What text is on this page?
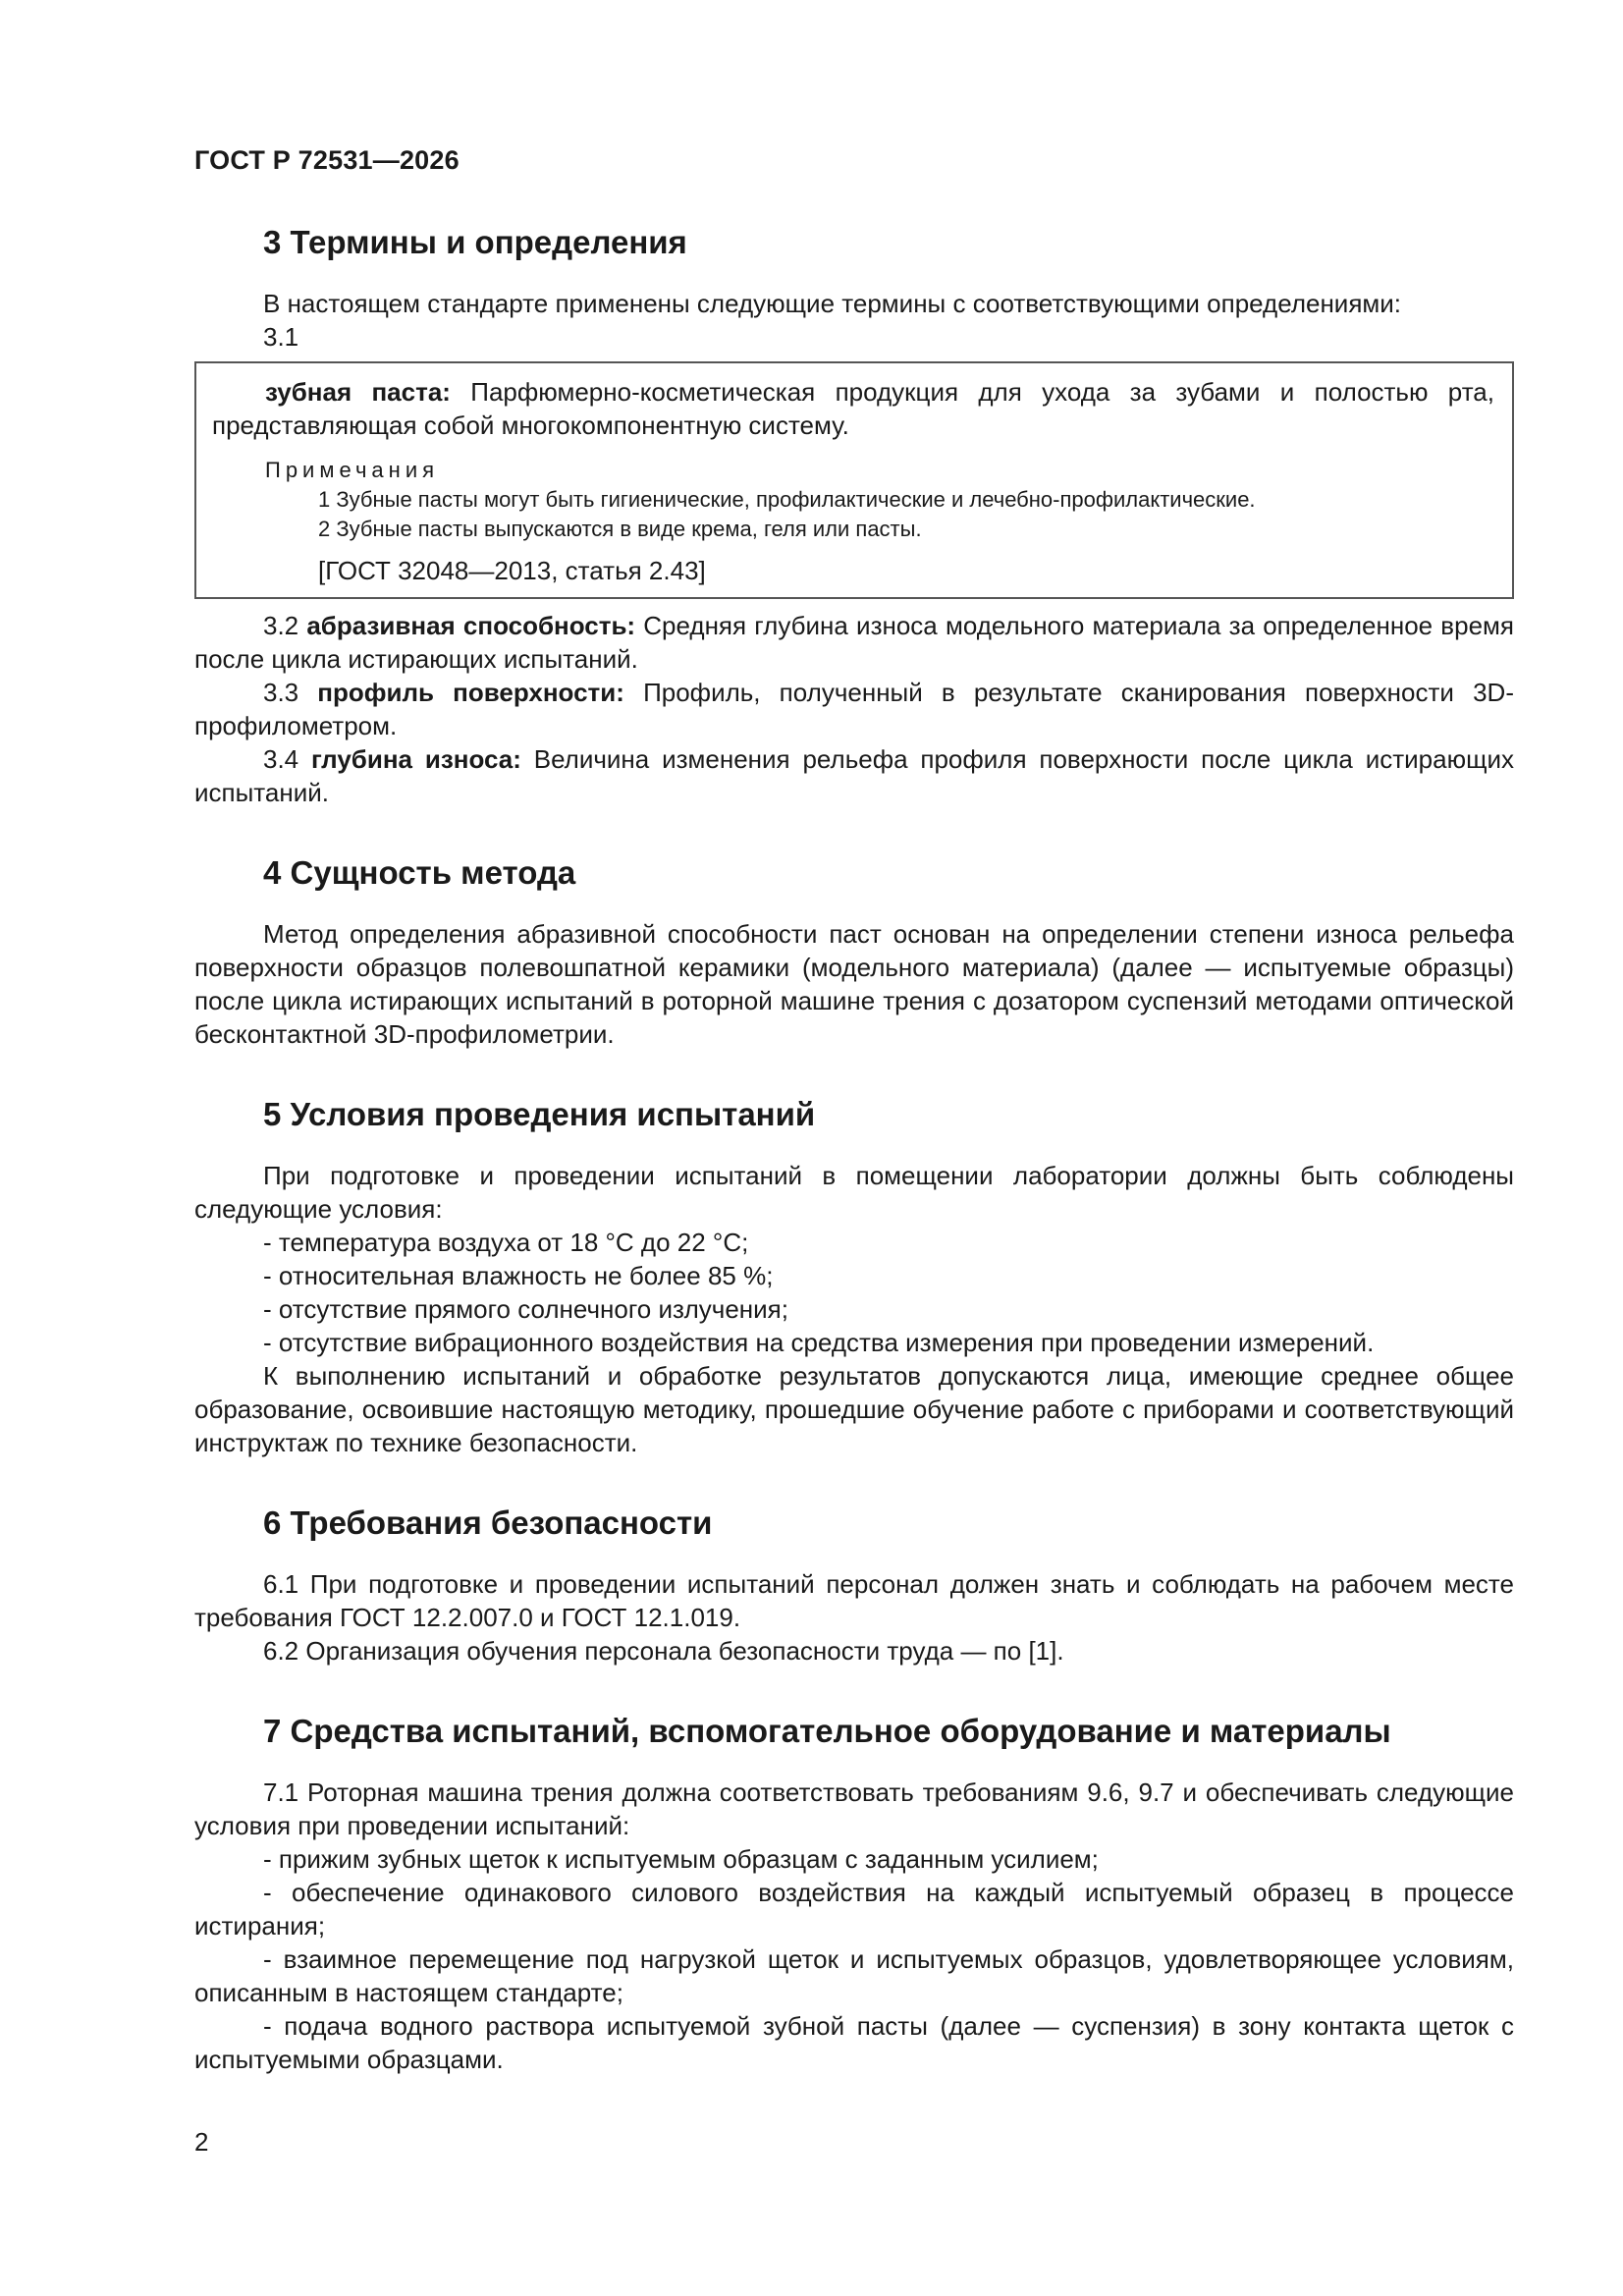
ГОСТ Р 72531—2026
3 Термины и определения

В настоящем стандарте применены следующие термины с соответствующими определениями:

3.1

зубная паста: Парфюмерно-косметическая продукция для ухода за зубами и полостью рта, представляющая собой многокомпонентную систему.

Примечания

1 Зубные пасты могут быть гигиенические, профилактические и лечебно-профилактические.

2 Зубные пасты выпускаются в виде крема, геля или пасты.

[ГОСТ 32048—2013, статья 2.43]

3.2 абразивная способность: Средняя глубина износа модельного материала за определенное время после цикла истирающих испытаний.

3.3 профиль поверхности: Профиль, полученный в результате сканирования поверхности 3D-профилометром.

3.4 глубина износа: Величина изменения рельефа профиля поверхности после цикла истирающих испытаний.

4 Сущность метода

Метод определения абразивной способности паст основан на определении степени износа рельефа поверхности образцов полевошпатной керамики (модельного материала) (далее — испытуемые образцы) после цикла истирающих испытаний в роторной машине трения с дозатором суспензий методами оптической бесконтактной 3D-профилометрии.

5 Условия проведения испытаний

При подготовке и проведении испытаний в помещении лаборатории должны быть соблюдены следующие условия:

- температура воздуха от 18 °С до 22 °С;

- относительная влажность не более 85 %;

- отсутствие прямого солнечного излучения;

- отсутствие вибрационного воздействия на средства измерения при проведении измерений.

К выполнению испытаний и обработке результатов допускаются лица, имеющие среднее общее образование, освоившие настоящую методику, прошедшие обучение работе с приборами и соответствующий инструктаж по технике безопасности.

6 Требования безопасности

6.1 При подготовке и проведении испытаний персонал должен знать и соблюдать на рабочем месте требования ГОСТ 12.2.007.0 и ГОСТ 12.1.019.

6.2 Организация обучения персонала безопасности труда — по [1].

7 Средства испытаний, вспомогательное оборудование и материалы

7.1 Роторная машина трения должна соответствовать требованиям 9.6, 9.7 и обеспечивать следующие условия при проведении испытаний:

- прижим зубных щеток к испытуемым образцам с заданным усилием;

- обеспечение одинакового силового воздействия на каждый испытуемый образец в процессе истирания;

- взаимное перемещение под нагрузкой щеток и испытуемых образцов, удовлетворяющее условиям, описанным в настоящем стандарте;

- подача водного раствора испытуемой зубной пасты (далее — суспензия) в зону контакта щеток с испытуемыми образцами.

2
